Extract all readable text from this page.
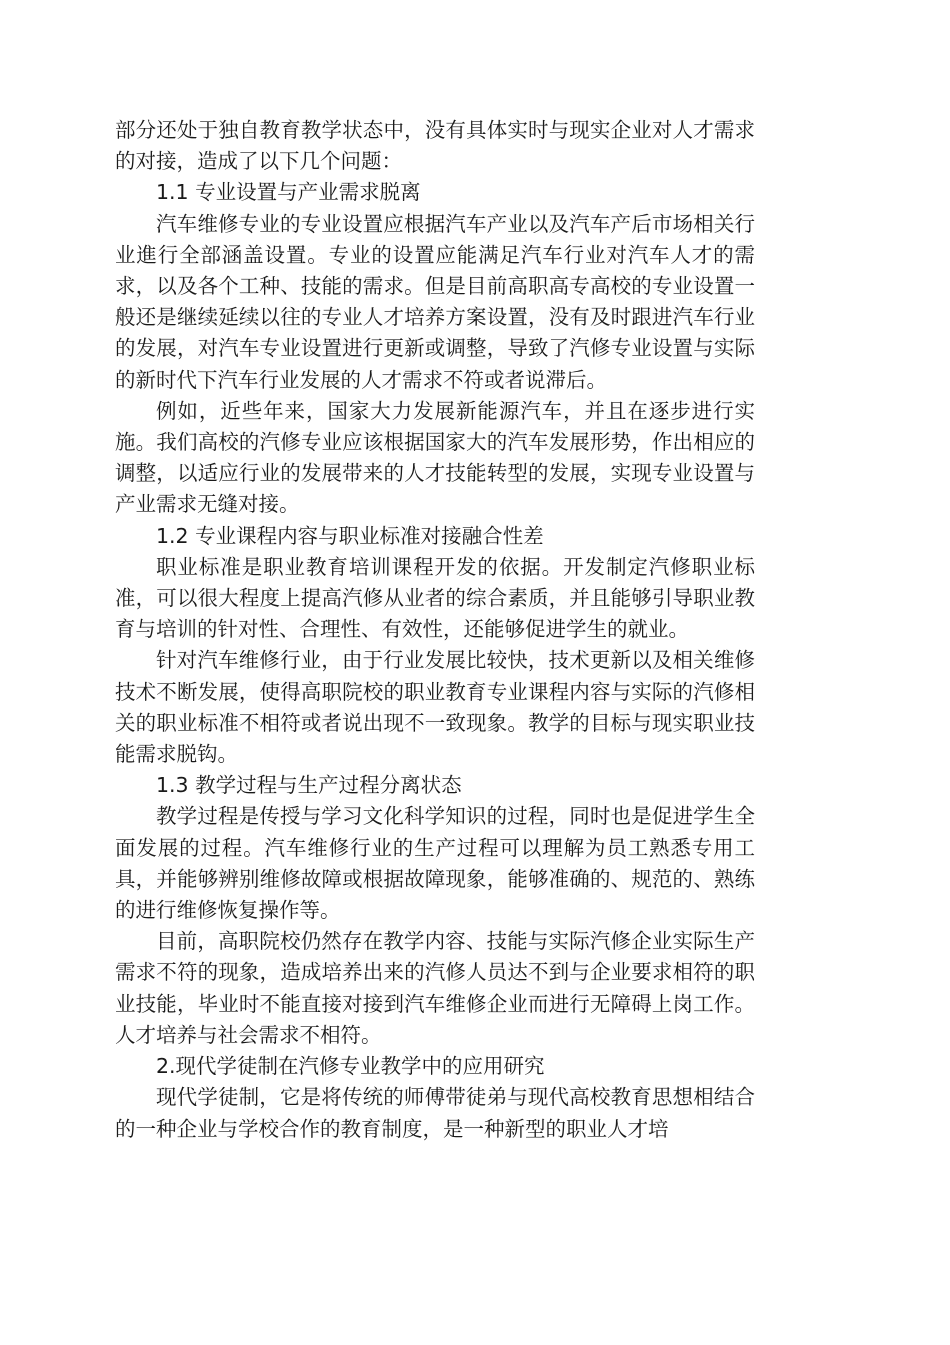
部分还处于独自教育教学状态中，没有具体实时与现实企业对人才需求的对接，造成了以下几个问题：

1.1 专业设置与产业需求脱离

汽车维修专业的专业设置应根据汽车产业以及汽车产后市场相关行业進行全部涵盖设置。专业的设置应能满足汽车行业对汽车人才的需求，以及各个工种、技能的需求。但是目前高职高专高校的专业设置一般还是继续延续以往的专业人才培养方案设置，没有及时跟进汽车行业的发展，对汽车专业设置进行更新或调整，导致了汽修专业设置与实际的新时代下汽车行业发展的人才需求不符或者说滞后。

例如，近些年来，国家大力发展新能源汽车，并且在逐步进行实施。我们高校的汽修专业应该根据国家大的汽车发展形势，作出相应的调整，以适应行业的发展带来的人才技能转型的发展，实现专业设置与产业需求无缝对接。

1.2 专业课程内容与职业标准对接融合性差

职业标准是职业教育培训课程开发的依据。开发制定汽修职业标准，可以很大程度上提高汽修从业者的综合素质，并且能够引导职业教育与培训的针对性、合理性、有效性，还能够促进学生的就业。

针对汽车维修行业，由于行业发展比较快，技术更新以及相关维修技术不断发展，使得高职院校的职业教育专业课程内容与实际的汽修相关的职业标准不相符或者说出现不一致现象。教学的目标与现实职业技能需求脱钩。

1.3 教学过程与生产过程分离状态

教学过程是传授与学习文化科学知识的过程，同时也是促进学生全面发展的过程。汽车维修行业的生产过程可以理解为员工熟悉专用工具，并能够辨别维修故障或根据故障现象，能够准确的、规范的、熟练的进行维修恢复操作等。

目前，高职院校仍然存在教学内容、技能与实际汽修企业实际生产需求不符的现象，造成培养出来的汽修人员达不到与企业要求相符的职业技能，毕业时不能直接对接到汽车维修企业而进行无障碍上岗工作。人才培养与社会需求不相符。

2.现代学徒制在汽修专业教学中的应用研究

现代学徒制，它是将传统的师傅带徒弟与现代高校教育思想相结合的一种企业与学校合作的教育制度，是一种新型的职业人才培
